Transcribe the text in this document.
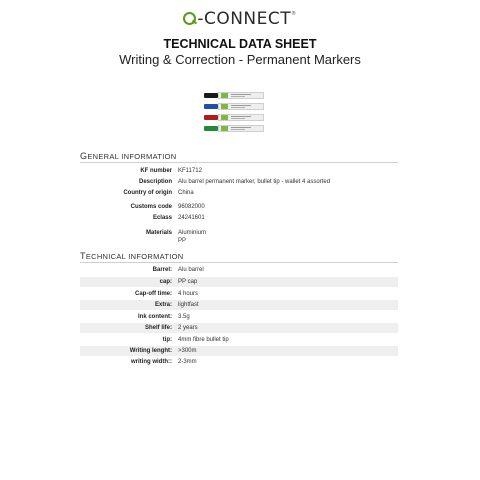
-CONNECT®
TECHNICAL DATA SHEET
Writing & Correction - Permanent Markers
GENERAL INFORMATION
KF number KF11712
Description Alu barrel permanent marker, bullet tip - wallet 4 assorted
Country of origin China
Customs code 96082000
Eclass 24241601
Materials Aluminium
PP
TECHNICAL INFORMATION
Barrel: Alu barrel
cap: PP cap
Cap-off time: 4 hours
Extra: lightfast
Ink content: 3.5g
Shelf life: 2 years
tip: 4mm fibre bullet tip
Writing lenght: >300m
writing width:: 2-3mm
